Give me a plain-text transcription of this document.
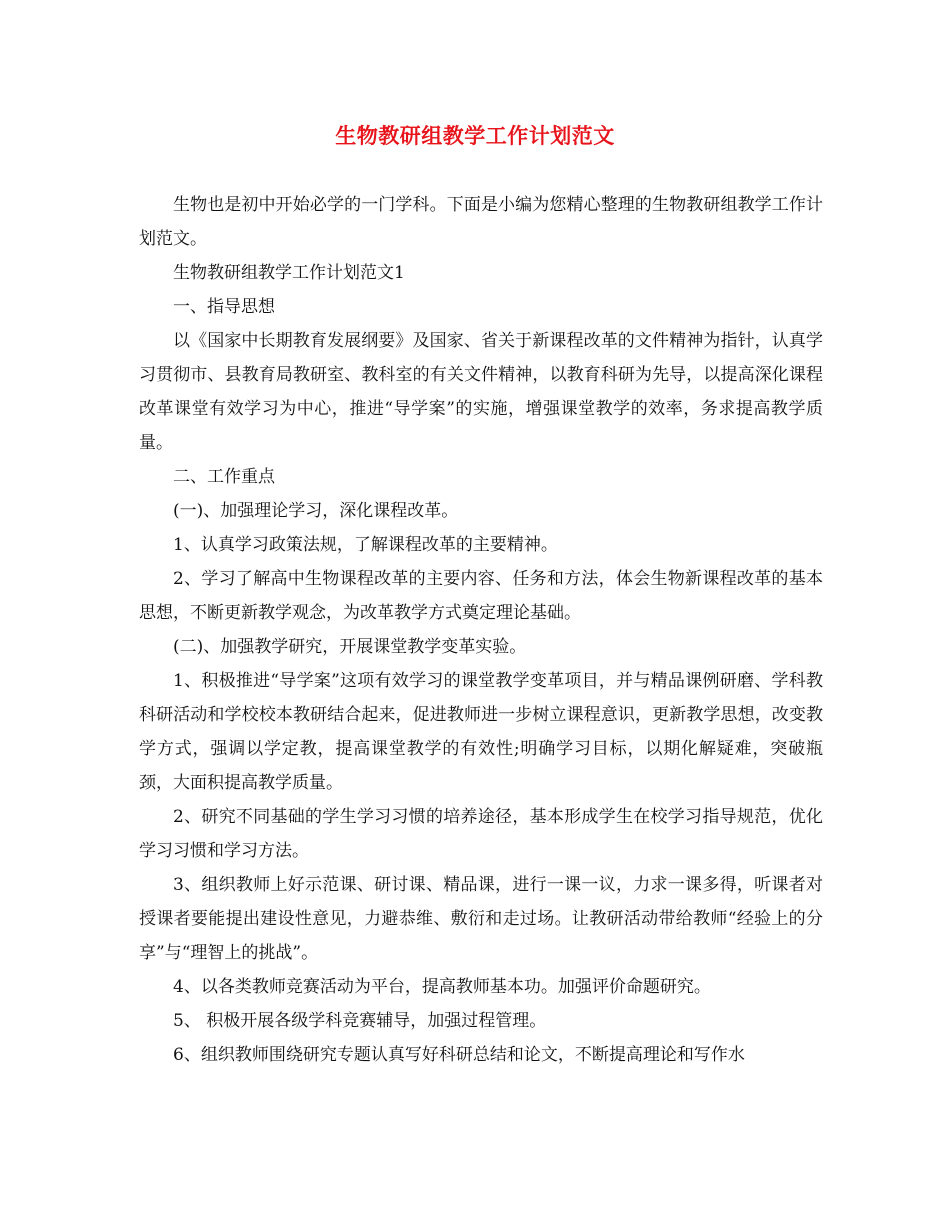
生物教研组教学工作计划范文

生物也是初中开始必学的一门学科。下面是小编为您精心整理的生物教研组教学工作计划范文。

生物教研组教学工作计划范文1

一、指导思想

以《国家中长期教育发展纲要》及国家、省关于新课程改革的文件精神为指针，认真学习贯彻市、县教育局教研室、教科室的有关文件精神，以教育科研为先导，以提高深化课程改革课堂有效学习为中心，推进“导学案”的实施，增强课堂教学的效率，务求提高教学质量。

二、工作重点

(一)、加强理论学习，深化课程改革。

1、认真学习政策法规，了解课程改革的主要精神。

2、学习了解高中生物课程改革的主要内容、任务和方法，体会生物新课程改革的基本思想，不断更新教学观念，为改革教学方式奠定理论基础。

(二)、加强教学研究，开展课堂教学变革实验。

1、积极推进“导学案”这项有效学习的课堂教学变革项目，并与精品课例研磨、学科教科研活动和学校校本教研结合起来，促进教师进一步树立课程意识，更新教学思想，改变教学方式，强调以学定教，提高课堂教学的有效性;明确学习目标，以期化解疑难，突破瓶颈，大面积提高教学质量。

2、研究不同基础的学生学习习惯的培养途径，基本形成学生在校学习指导规范，优化学习习惯和学习方法。

3、组织教师上好示范课、研讨课、精品课，进行一课一议，力求一课多得，听课者对授课者要能提出建设性意见，力避恭维、敷衍和走过场。让教研活动带给教师“经验上的分享”与“理智上的挑战”。

4、以各类教师竞赛活动为平台，提高教师基本功。加强评价命题研究。

5、 积极开展各级学科竞赛辅导，加强过程管理。

6、组织教师围绕研究专题认真写好科研总结和论文，不断提高理论和写作水
